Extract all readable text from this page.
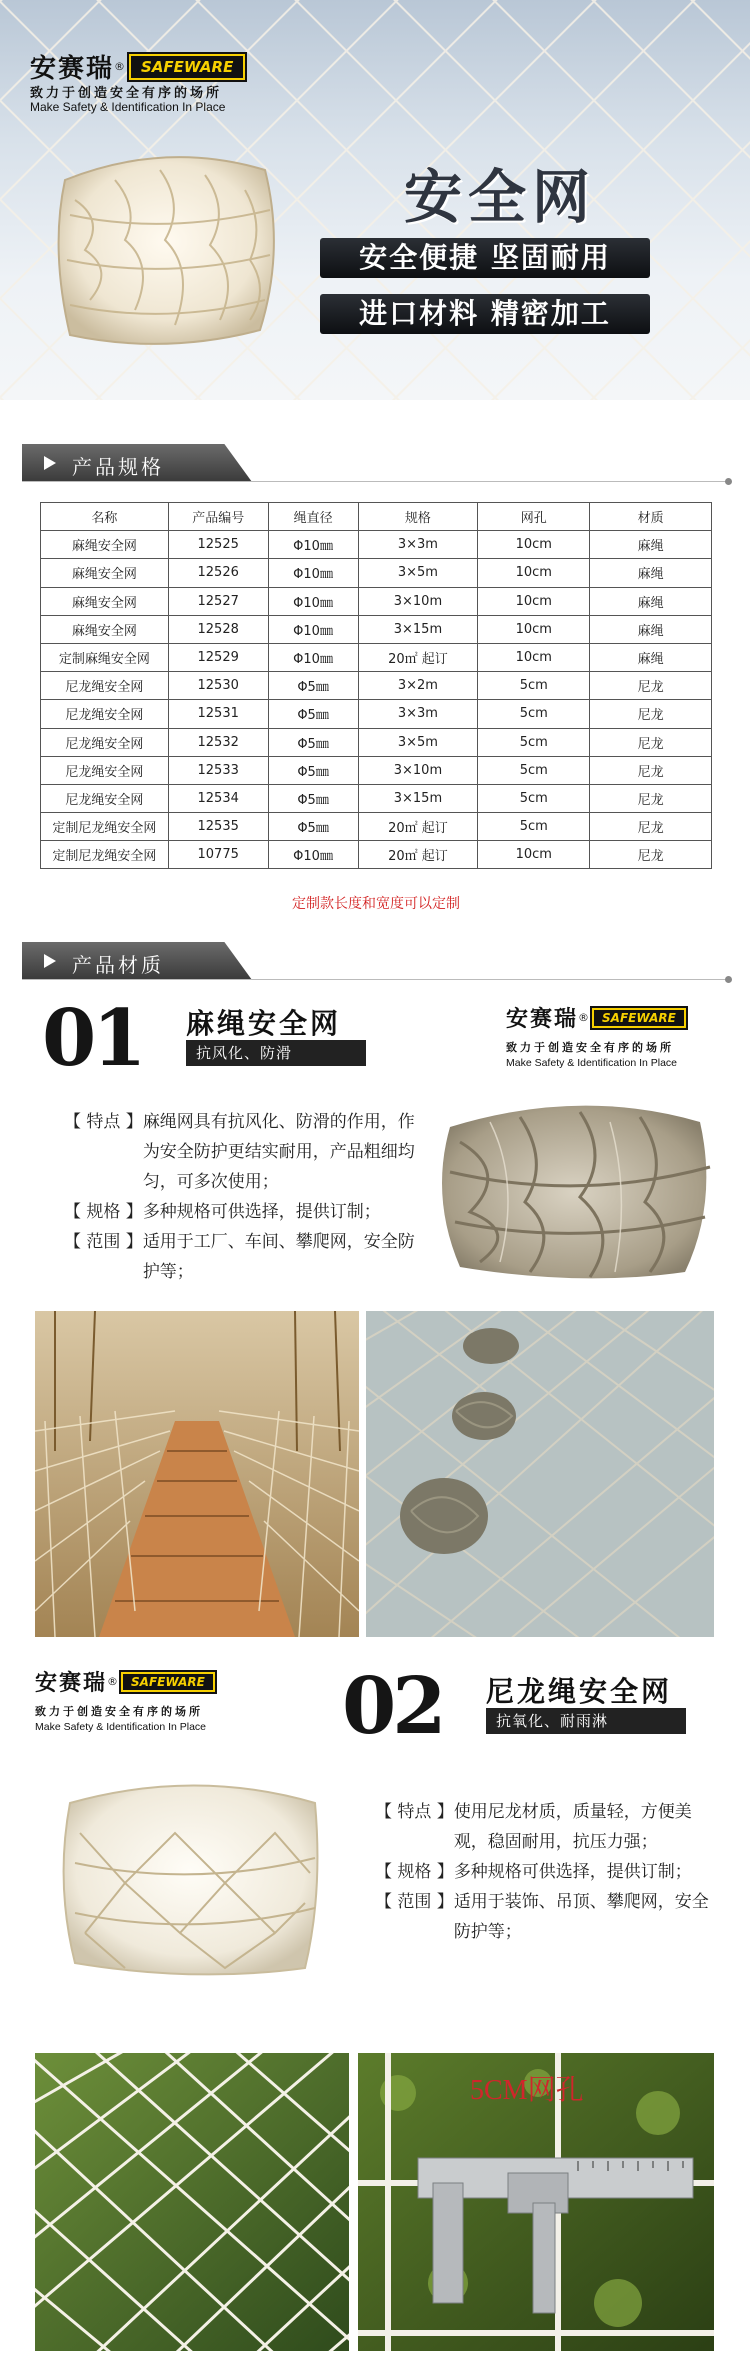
安赛瑞 ®	SAFEWARE
致力于创造安全有序的场所
Make Safety & Identification In Place
安全网
安全便捷 坚固耐用
进口材料 精密加工
产品规格
名称	产品编号	绳直径	规格	网孔	材质
麻绳安全网	12525	Φ10㎜	3×3m	10cm	麻绳
麻绳安全网	12526	Φ10㎜	3×5m	10cm	麻绳
麻绳安全网	12527	Φ10㎜	3×10m	10cm	麻绳
麻绳安全网	12528	Φ10㎜	3×15m	10cm	麻绳
定制麻绳安全网	12529	Φ10㎜	20㎡ 起订	10cm	麻绳
尼龙绳安全网	12530	Φ5㎜	3×2m	5cm	尼龙
尼龙绳安全网	12531	Φ5㎜	3×3m	5cm	尼龙
尼龙绳安全网	12532	Φ5㎜	3×5m	5cm	尼龙
尼龙绳安全网	12533	Φ5㎜	3×10m	5cm	尼龙
尼龙绳安全网	12534	Φ5㎜	3×15m	5cm	尼龙
定制尼龙绳安全网	12535	Φ5㎜	20㎡ 起订	5cm	尼龙
定制尼龙绳安全网	10775	Φ10㎜	20㎡ 起订	10cm	尼龙
定制款长度和宽度可以定制
产品材质
01 麻绳安全网
抗风化、防滑
安赛瑞 ®	SAFEWARE
致力于创造安全有序的场所
Make Safety & Identification In Place

【 特点 】 麻绳网具有抗风化、防滑的作用，作为安全防护更结实耐用，产品粗细均匀，可多次使用；

【 规格 】 多种规格可供选择，提供订制；

【 范围 】 适用于工厂、车间、攀爬网，安全防护等；

安赛瑞 ®	SAFEWARE
致力于创造安全有序的场所
Make Safety & Identification In Place 02 尼龙绳安全网
抗氧化、耐雨淋

【 特点 】 使用尼龙材质，质量轻，方便美观，稳固耐用，抗压力强；

【 规格 】 多种规格可供选择，提供订制；

【 范围 】 适用于装饰、吊顶、攀爬网，安全防护等；

5CM网孔
